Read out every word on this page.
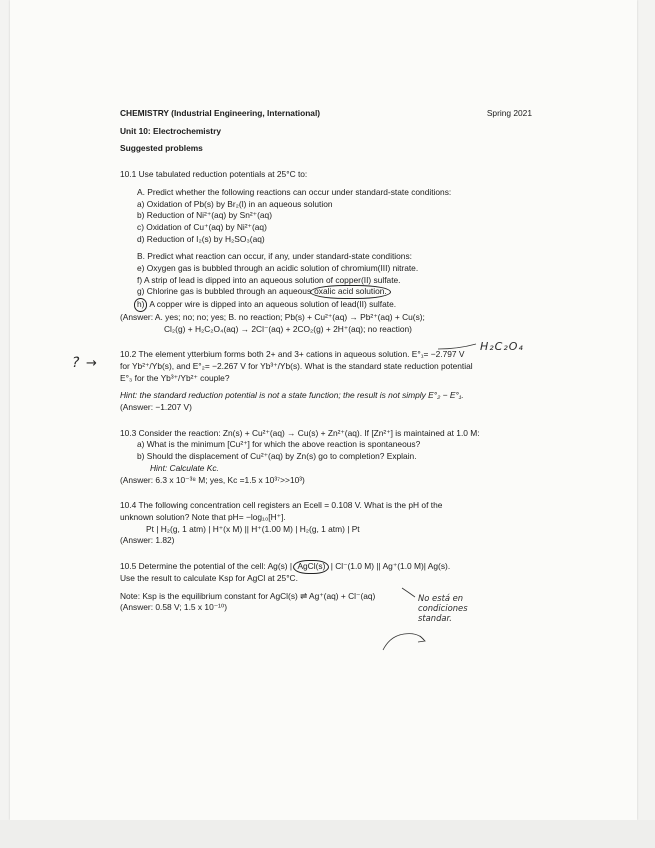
CHEMISTRY (Industrial Engineering, International)	Spring 2021

Unit 10: Electrochemistry

Suggested problems

10.1 Use tabulated reduction potentials at 25°C to:

A. Predict whether the following reactions can occur under standard-state conditions:

a) Oxidation of Pb(s) by Br₂(l) in an aqueous solution

b) Reduction of Ni²⁺(aq) by Sn²⁺(aq)

c) Oxidation of Cu⁺(aq) by Ni²⁺(aq)

d) Reduction of I₂(s) by H₂SO₃(aq)

B. Predict what reaction can occur, if any, under standard-state conditions:

e) Oxygen gas is bubbled through an acidic solution of chromium(III) nitrate.

f) A strip of lead is dipped into an aqueous solution of copper(II) sulfate.

g) Chlorine gas is bubbled through an aqueous oxalic acid solution.

h) A copper wire is dipped into an aqueous solution of lead(II) sulfate.

(Answer: A. yes; no; no; yes; B. no reaction; Pb(s) + Cu²⁺(aq) → Pb²⁺(aq) + Cu(s);

Cl₂(g) + H₂C₂O₄(aq) → 2Cl⁻(aq) + 2CO₂(g) + 2H⁺(aq); no reaction)

10.2 The element ytterbium forms both 2+ and 3+ cations in aqueous solution. E°₁= −2.797 V

for Yb²⁺/Yb(s), and E°₂= −2.267 V for Yb³⁺/Yb(s). What is the standard state reduction potential

E°₃ for the Yb³⁺/Yb²⁺ couple?

Hint: the standard reduction potential is not a state function; the result is not simply E°₂ − E°₁.

(Answer: −1.207 V)

10.3 Consider the reaction: Zn(s) + Cu²⁺(aq) → Cu(s) + Zn²⁺(aq). If [Zn²⁺] is maintained at 1.0 M:

a) What is the minimum [Cu²⁺] for which the above reaction is spontaneous?

b) Should the displacement of Cu²⁺(aq) by Zn(s) go to completion? Explain.

Hint: Calculate Kc.

(Answer: 6.3 x 10⁻³⁸ M; yes, Kc =1.5 x 10³⁷>>10³)

10.4 The following concentration cell registers an Ecell = 0.108 V. What is the pH of the

unknown solution? Note that pH= −log₁₀[H⁺].

Pt | H₂(g, 1 atm) | H⁺(x M) || H⁺(1.00 M) | H₂(g, 1 atm) | Pt

(Answer: 1.82)

10.5 Determine the potential of the cell: Ag(s) | AgCl(s) | Cl⁻(1.0 M) || Ag⁺(1.0 M)| Ag(s).

Use the result to calculate Ksp for AgCl at 25°C.

Note: Ksp is the equilibrium constant for AgCl(s) ⇌ Ag⁺(aq) + Cl⁻(aq)

(Answer: 0.58 V; 1.5 x 10⁻¹⁰)

H₂C₂O₄
? →
No está en
condiciones
standar.
